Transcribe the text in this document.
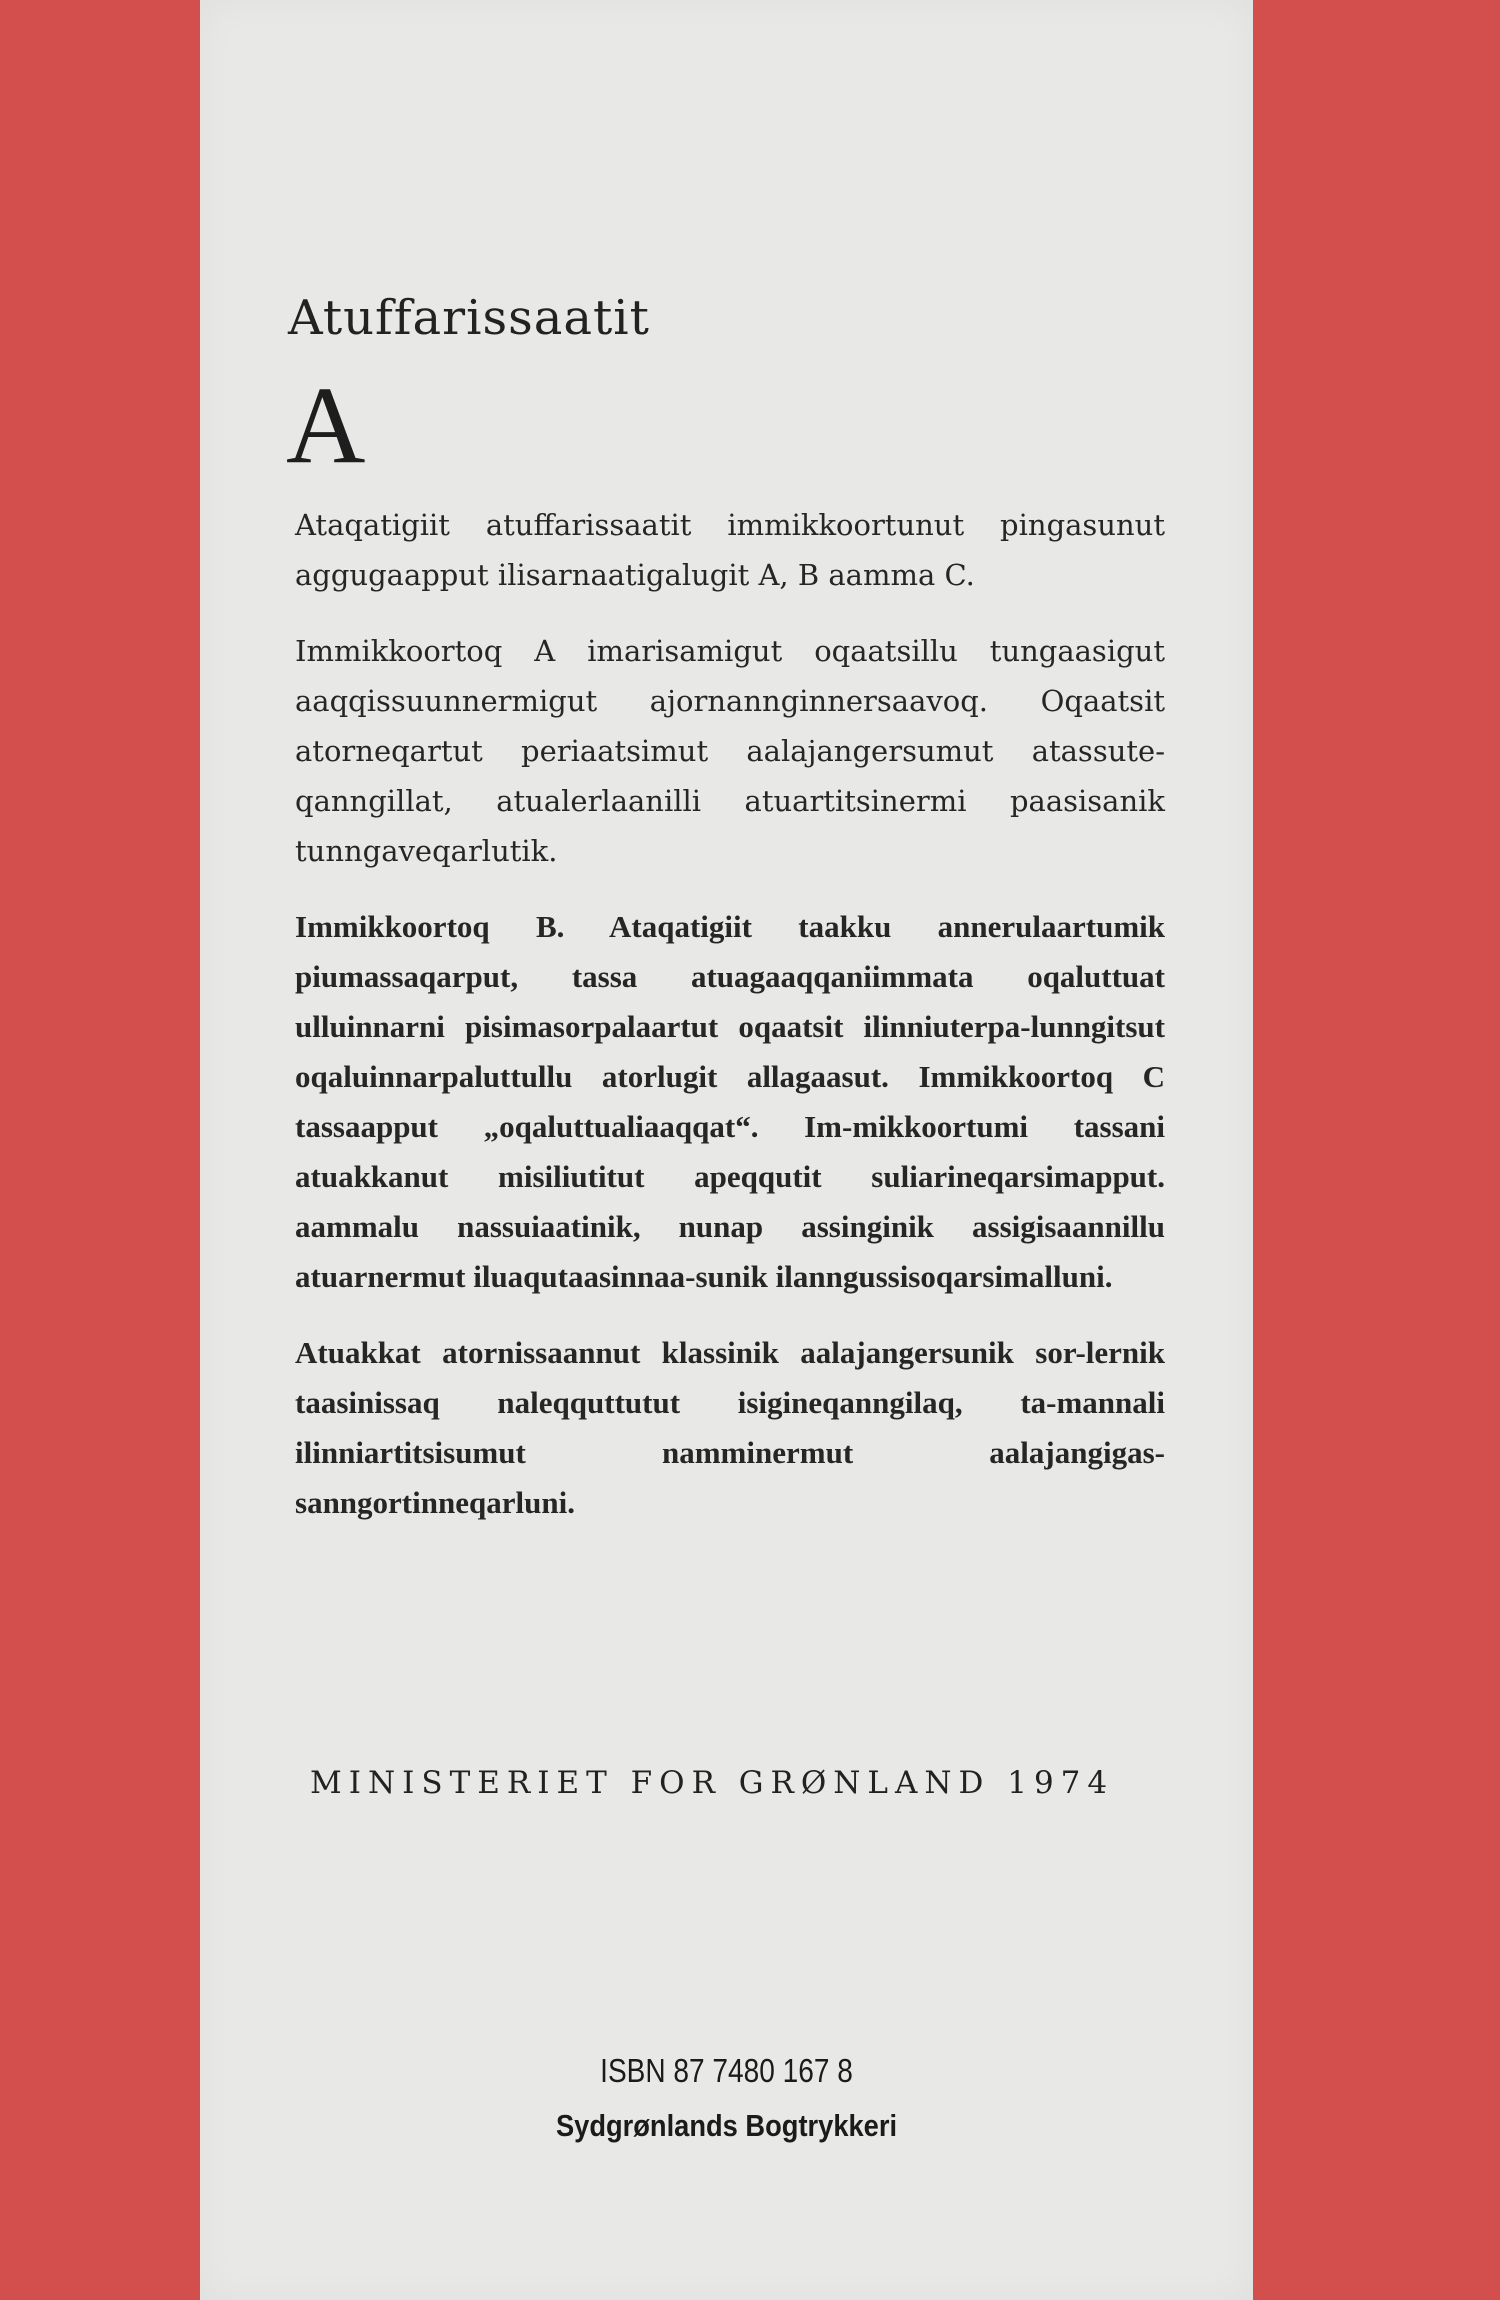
Atuffarissaatit
A

Ataqatigiit atuffarissaatit immikkoortunut pingasunut aggugaapput ilisarnaatigalugit A, B aamma C.

Immikkoortoq A imarisamigut oqaatsillu tungaasigut aaqqissuunnermigut ajornannginnersaavoq. Oqaatsit atorneqartut periaatsimut aalajangersumut atassute-qanngillat, atualerlaanilli atuartitsinermi paasisanik tunngaveqarlutik.

Immikkoortoq B. Ataqatigiit taakku annerulaartumik piumassaqarput, tassa atuagaaqqaniimmata oqaluttuat ulluinnarni pisimasorpalaartut oqaatsit ilinniuterpa-lunngitsut oqaluinnarpaluttullu atorlugit allagaasut. Immikkoortoq C tassaapput „oqaluttualiaaqqat“. Im-mikkoortumi tassani atuakkanut misiliutitut apeqqutit suliarineqarsimapput. aammalu nassuiaatinik, nunap assinginik assigisaannillu atuarnermut iluaqutaasinnaa-sunik ilanngussisoqarsimalluni.

Atuakkat atornissaannut klassinik aalajangersunik sor-lernik taasinissaq naleqquttutut isigineqanngilaq, ta-mannali ilinniartitsisumut namminermut aalajangigas-sanngortinneqarluni.

MINISTERIET FOR GRØNLAND 1974
ISBN 87 7480 167 8
Sydgrønlands Bogtrykkeri
